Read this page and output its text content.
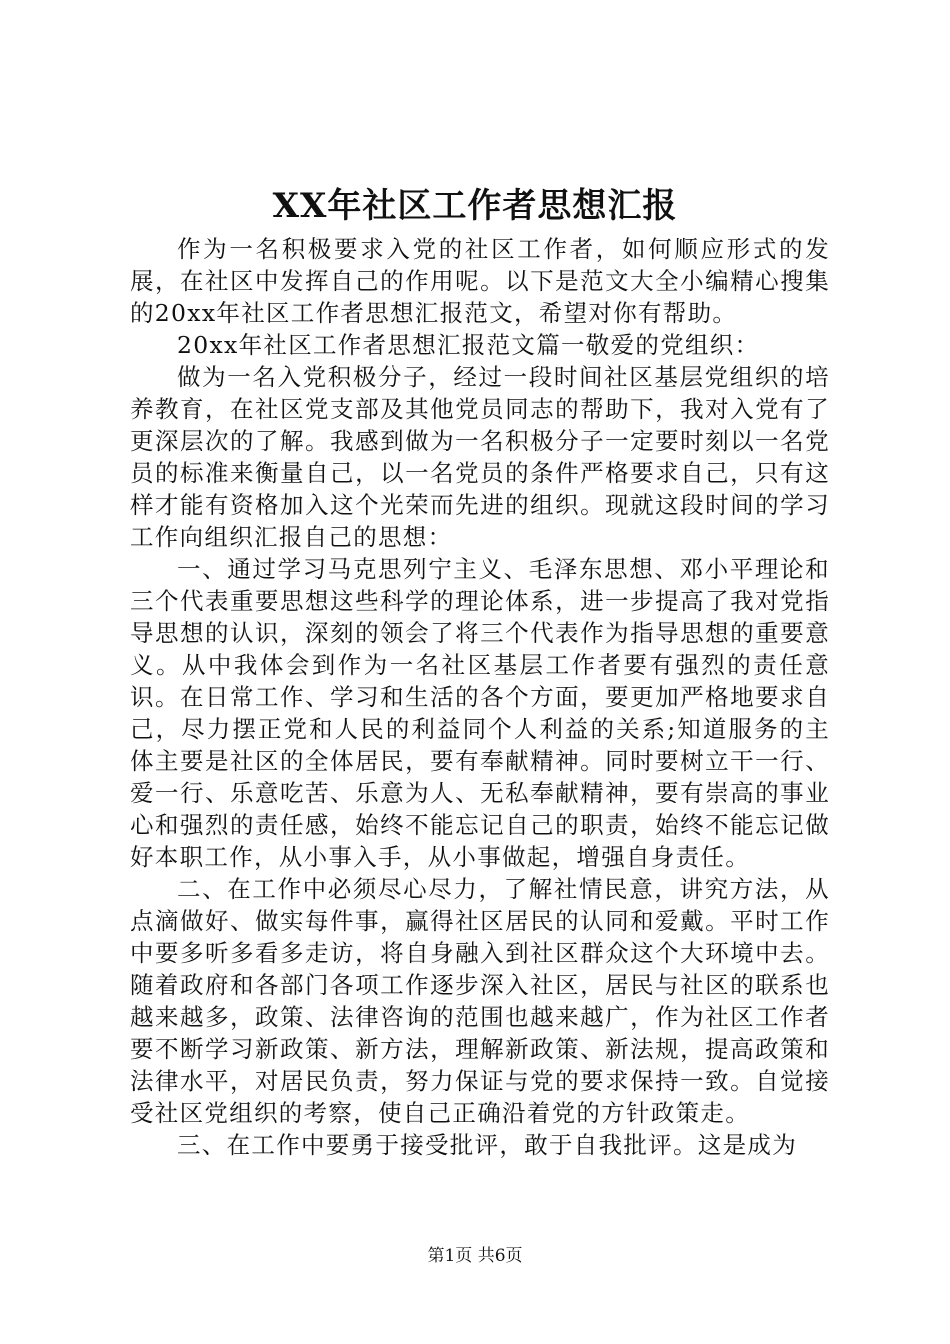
XX年社区工作者思想汇报

作为一名积极要求入党的社区工作者，如何顺应形式的发展，在社区中发挥自己的作用呢。以下是范文大全小编精心搜集的20xx年社区工作者思想汇报范文，希望对你有帮助。

20xx年社区工作者思想汇报范文篇一敬爱的党组织：

做为一名入党积极分子，经过一段时间社区基层党组织的培养教育，在社区党支部及其他党员同志的帮助下，我对入党有了更深层次的了解。我感到做为一名积极分子一定要时刻以一名党员的标准来衡量自己，以一名党员的条件严格要求自己，只有这样才能有资格加入这个光荣而先进的组织。现就这段时间的学习工作向组织汇报自己的思想：

一、通过学习马克思列宁主义、毛泽东思想、邓小平理论和三个代表重要思想这些科学的理论体系，进一步提高了我对党指导思想的认识，深刻的领会了将三个代表作为指导思想的重要意义。从中我体会到作为一名社区基层工作者要有强烈的责任意识。在日常工作、学习和生活的各个方面，要更加严格地要求自己，尽力摆正党和人民的利益同个人利益的关系;知道服务的主体主要是社区的全体居民，要有奉献精神。同时要树立干一行、爱一行、乐意吃苦、乐意为人、无私奉献精神，要有崇高的事业心和强烈的责任感，始终不能忘记自己的职责，始终不能忘记做好本职工作，从小事入手，从小事做起，增强自身责任。

二、在工作中必须尽心尽力，了解社情民意，讲究方法，从点滴做好、做实每件事，赢得社区居民的认同和爱戴。平时工作中要多听多看多走访，将自身融入到社区群众这个大环境中去。随着政府和各部门各项工作逐步深入社区，居民与社区的联系也越来越多，政策、法律咨询的范围也越来越广，作为社区工作者要不断学习新政策、新方法，理解新政策、新法规，提高政策和法律水平，对居民负责，努力保证与党的要求保持一致。自觉接受社区党组织的考察，使自己正确沿着党的方针政策走。

三、在工作中要勇于接受批评，敢于自我批评。这是成为

第1页 共6页
